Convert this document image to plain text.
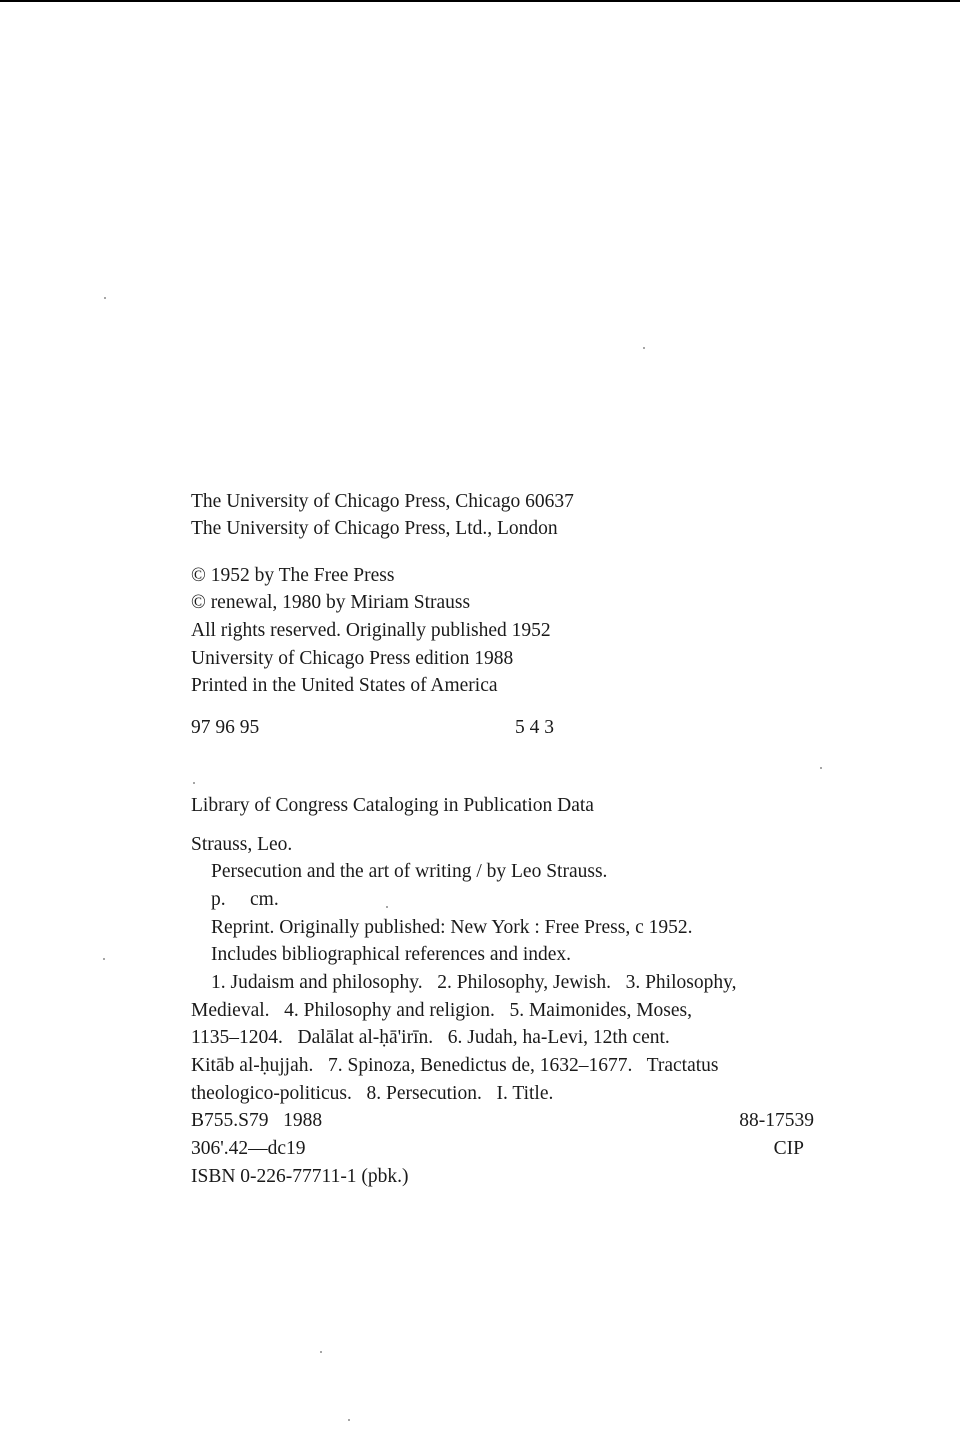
The University of Chicago Press, Chicago 60637
The University of Chicago Press, Ltd., London
© 1952 by The Free Press
© renewal, 1980 by Miriam Strauss
All rights reserved. Originally published 1952
University of Chicago Press edition 1988
Printed in the United States of America
97 96 95	5 4 3
Library of Congress Cataloging in Publication Data
Strauss, Leo.
Persecution and the art of writing / by Leo Strauss.
p.     cm.
Reprint. Originally published: New York : Free Press, c 1952.
Includes bibliographical references and index.
1. Judaism and philosophy.   2. Philosophy, Jewish.   3. Philosophy,
Medieval.   4. Philosophy and religion.   5. Maimonides, Moses,
1135–1204.   Dalālat al-ḥā'irīn.   6. Judah, ha-Levi, 12th cent.
Kitāb al-ḥujjah.   7. Spinoza, Benedictus de, 1632–1677.   Tractatus
theologico-politicus.   8. Persecution.   I. Title.
B755.S79   1988	88-17539
306'.42—dc19	CIP
ISBN 0-226-77711-1 (pbk.)
